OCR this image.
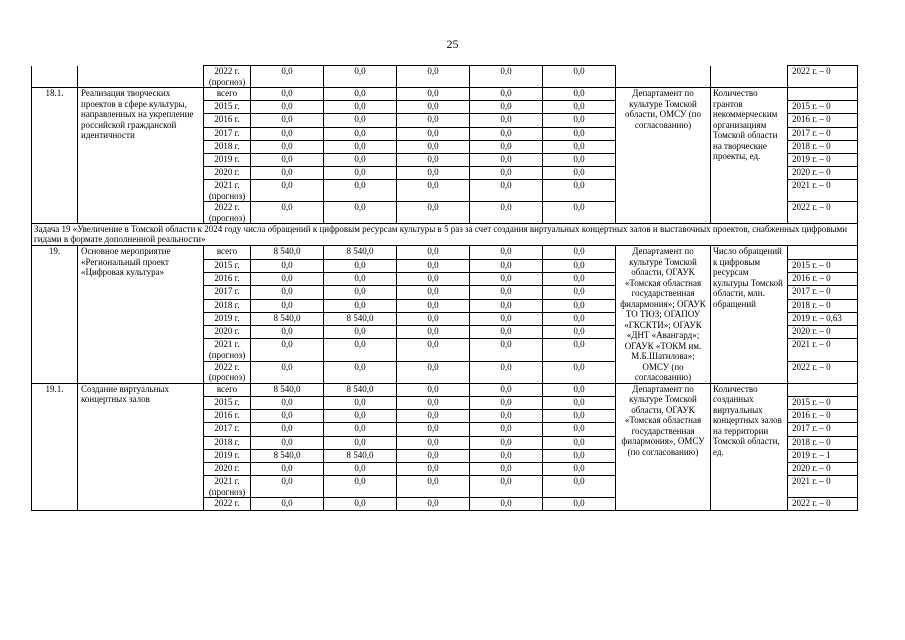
25
		2022 г. (прогноз)	0,0	0,0	0,0	0,0	0,0			2022 г. – 0
18.1.	Реализация творческих проектов в сфере культуры, направленных на укрепление российской гражданской идентичности	всего	0,0	0,0	0,0	0,0	0,0	Департамент по культуре Томской области, ОМСУ (по согласованию)	Количество грантов некоммерческим организациям Томской области на творческие проекты, ед.	
		2015 г.	0,0	0,0	0,0	0,0	0,0			2015 г. – 0
		2016 г.	0,0	0,0	0,0	0,0	0,0			2016 г. – 0
		2017 г.	0,0	0,0	0,0	0,0	0,0			2017 г. – 0
		2018 г.	0,0	0,0	0,0	0,0	0,0			2018 г. – 0
		2019 г.	0,0	0,0	0,0	0,0	0,0			2019 г. – 0
		2020 г.	0,0	0,0	0,0	0,0	0,0			2020 г. – 0
		2021 г. (прогноз)	0,0	0,0	0,0	0,0	0,0			2021 г. – 0
		2022 г. (прогноз)	0,0	0,0	0,0	0,0	0,0			2022 г. – 0
Задача 19 «Увеличение в Томской области к 2024 году числа обращений к цифровым ресурсам культуры в 5 раз за счет создания виртуальных концертных залов и выставочных проектов, снабженных цифровыми гидами в формате дополненной реальности»										
19.	Основное мероприятие «Региональный проект «Цифровая культура»	всего	8 540,0	8 540,0	0,0	0,0	0,0	Департамент по культуре Томской области, ОГАУК «Томская областная государственная филармония»; ОГАУК ТО ТЮЗ; ОГАПОУ «ГКСКТИ»; ОГАУК «ДНТ «Авангард»; ОГАУК «ТОКМ им. М.Б.Шатилова»; ОМСУ (по согласованию)	Число обращений к цифровым ресурсам культуры Томской области, млн. обращений	
		2015 г.	0,0	0,0	0,0	0,0	0,0			2015 г. – 0
		2016 г.	0,0	0,0	0,0	0,0	0,0			2016 г. – 0
		2017 г.	0,0	0,0	0,0	0,0	0,0			2017 г. – 0
		2018 г.	0,0	0,0	0,0	0,0	0,0			2018 г. – 0
		2019 г.	8 540,0	8 540,0	0,0	0,0	0,0			2019 г. – 0,63
		2020 г.	0,0	0,0	0,0	0,0	0,0			2020 г. – 0
		2021 г. (прогноз)	0,0	0,0	0,0	0,0	0,0			2021 г. – 0
		2022 г. (прогноз)	0,0	0,0	0,0	0,0	0,0			2022 г. – 0
19.1.	Создание виртуальных концертных залов	всего	8 540,0	8 540,0	0,0	0,0	0,0	Департамент по культуре Томской области, ОГАУК «Томская областная государственная филармония», ОМСУ (по согласованию)	Количество созданных виртуальных концертных залов на территории Томской области, ед.	
		2015 г.	0,0	0,0	0,0	0,0	0,0			2015 г. – 0
		2016 г.	0,0	0,0	0,0	0,0	0,0			2016 г. – 0
		2017 г.	0,0	0,0	0,0	0,0	0,0			2017 г. – 0
		2018 г.	0,0	0,0	0,0	0,0	0,0			2018 г. – 0
		2019 г.	8 540,0	8 540,0	0,0	0,0	0,0			2019 г. – 1
		2020 г.	0,0	0,0	0,0	0,0	0,0			2020 г. – 0
		2021 г. (прогноз)	0,0	0,0	0,0	0,0	0,0			2021 г. – 0
		2022 г.	0,0	0,0	0,0	0,0	0,0			2022 г. – 0
